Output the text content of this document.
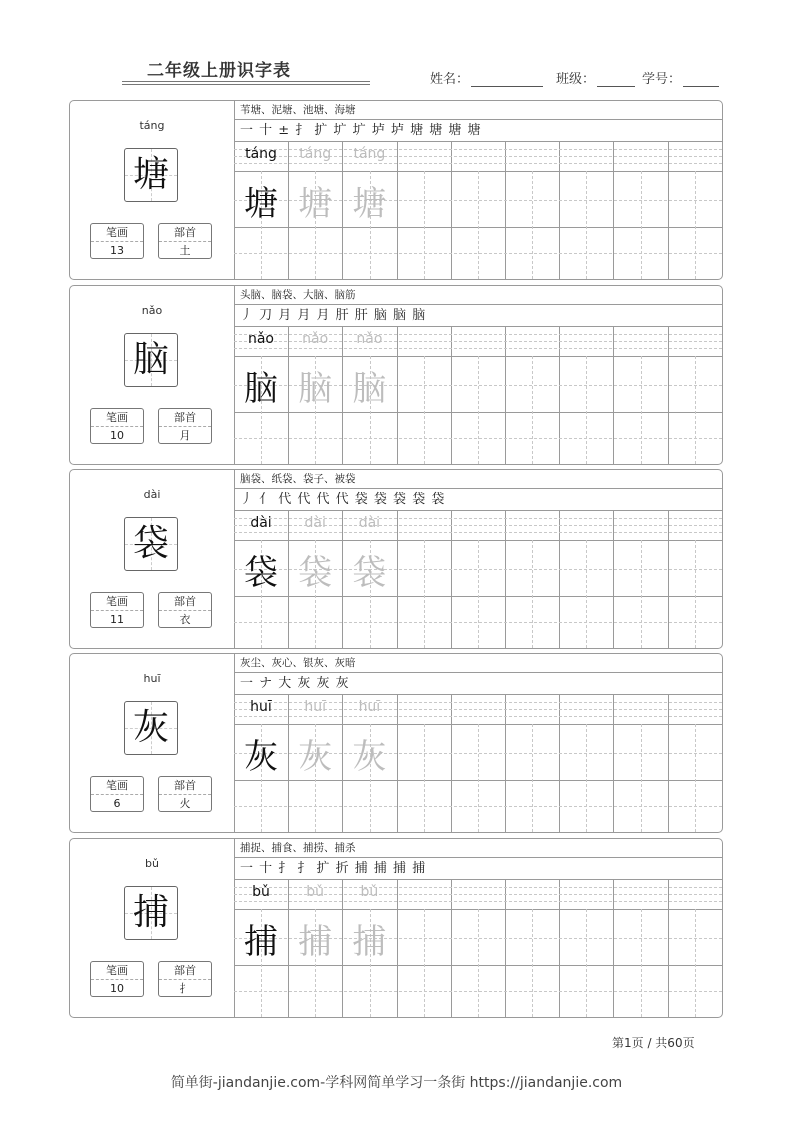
二年级上册识字表	姓名：	班级：	学号：
táng
塘
笔画
13
部首
土
苇塘、泥塘、池塘、海塘
一 十 ± 扌 扩 圹 圹 垆 垆 塘 塘 塘 塘
táng
塘
táng
塘
táng
塘
nǎo
脑
笔画
10
部首
月
头脑、脑袋、大脑、脑筋
丿 刀 月 月 月 肝 肝 脑 脑 脑
nǎo
脑
nǎo
脑
nǎo
脑
dài
袋
笔画
11
部首
衣
脑袋、纸袋、袋子、被袋
丿 亻 代 代 代 代 袋 袋 袋 袋 袋
dài
袋
dài
袋
dài
袋
huī
灰
笔画
6
部首
火
灰尘、灰心、银灰、灰暗
一 ナ 大 灰 灰 灰
huī
灰
huī
灰
huī
灰
bǔ
捕
笔画
10
部首
扌
捕捉、捕食、捕捞、捕杀
一 十 扌 扌 扩 折 捕 捕 捕 捕
bǔ
捕
bǔ
捕
bǔ
捕
第1页 / 共60页
简单街-jiandanjie.com-学科网简单学习一条街 https://jiandanjie.com
